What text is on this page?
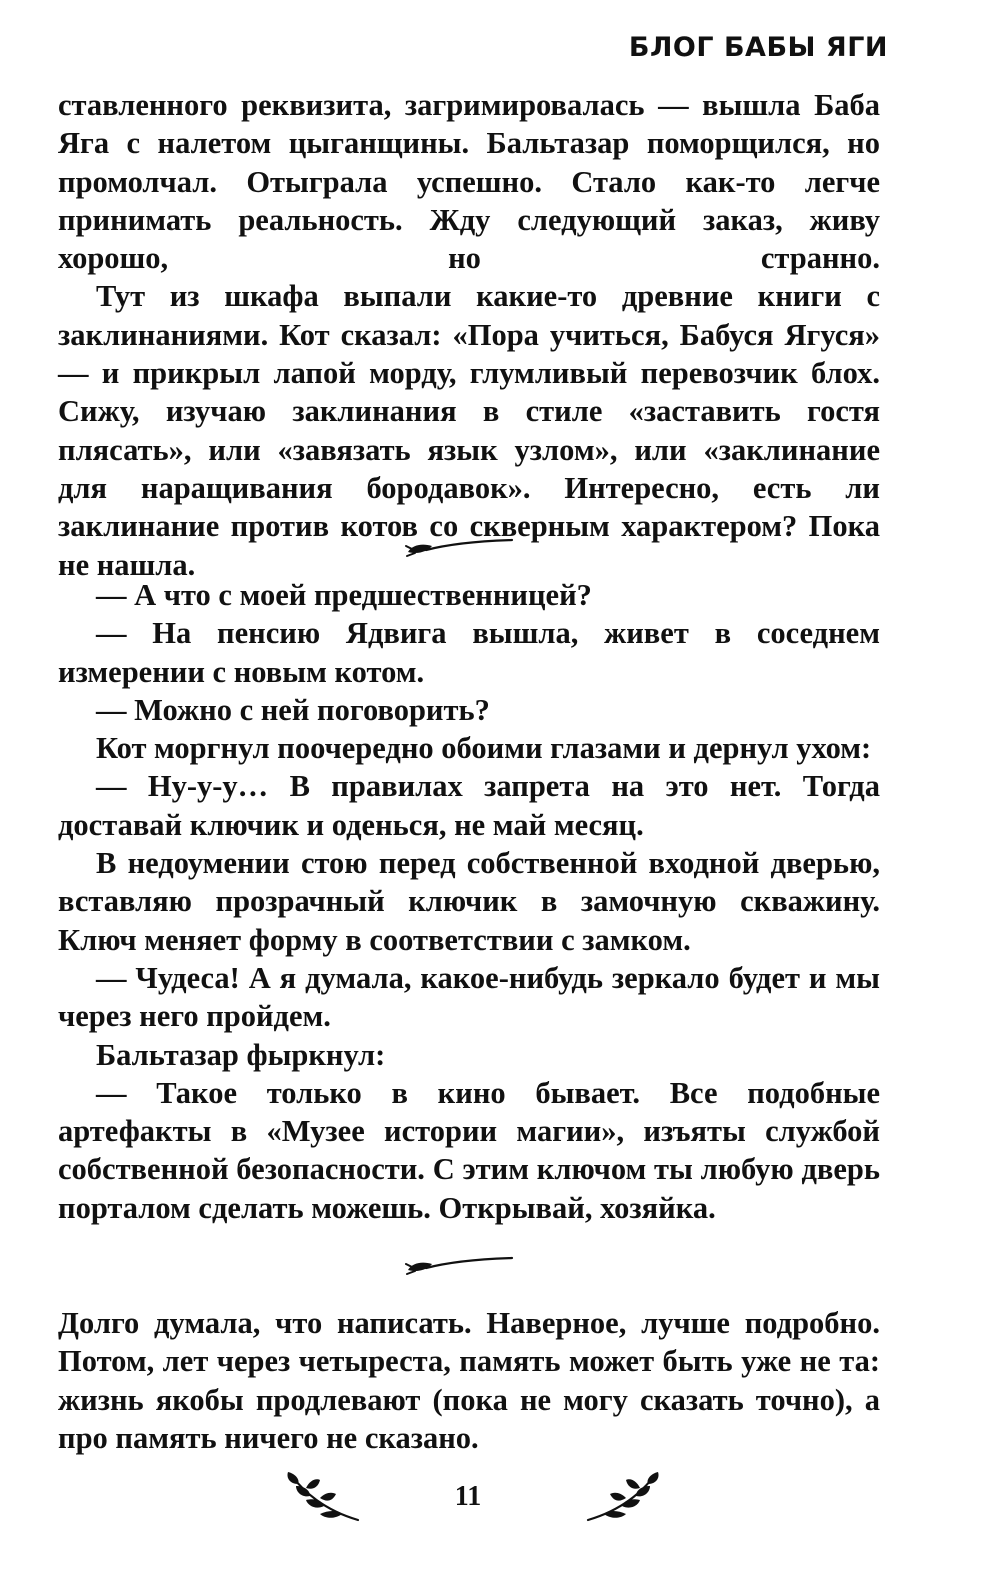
БЛОГ БАБЫ ЯГИ

ставленного реквизита, загримировалась — вышла Баба Яга с налетом цыганщины. Бальтазар поморщился, но промолчал. Отыграла успешно. Стало как-то легче принимать реальность. Жду следующий заказ, живу хорошо, но странно.

Тут из шкафа выпали какие-то древние книги с заклинаниями. Кот сказал: «Пора учиться, Бабуся Ягуся» — и прикрыл лапой морду, глумливый перевозчик блох. Сижу, изучаю заклинания в стиле «заставить гостя плясать», или «завязать язык узлом», или «заклинание для наращивания бородавок». Интересно, есть ли заклинание против котов со скверным характером? Пока не нашла.

— А что с моей предшественницей?

— На пенсию Ядвига вышла, живет в соседнем измерении с новым котом.

— Можно с ней поговорить?

Кот моргнул поочередно обоими глазами и дернул ухом:

— Ну-у-у… В правилах запрета на это нет. Тогда доставай ключик и оденься, не май месяц.

В недоумении стою перед собственной входной дверью, вставляю прозрачный ключик в замочную скважину. Ключ меняет форму в соответствии с замком.

— Чудеса! А я думала, какое-нибудь зеркало будет и мы через него пройдем.

Бальтазар фыркнул:

— Такое только в кино бывает. Все подобные артефакты в «Музее истории магии», изъяты службой собственной безопасности. С этим ключом ты любую дверь порталом сделать можешь. Открывай, хозяйка.

Долго думала, что написать. Наверное, лучше подробно. Потом, лет через четыреста, память может быть уже не та: жизнь якобы продлевают (пока не могу сказать точно), а про память ничего не сказано.

11
